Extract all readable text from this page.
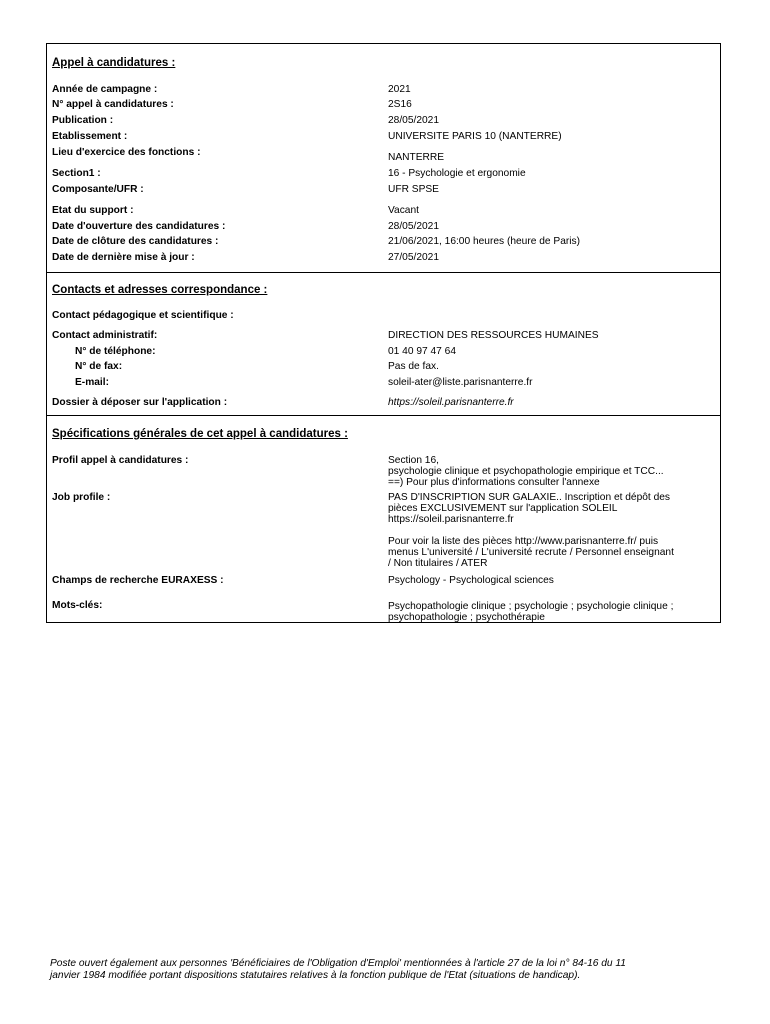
Appel à candidatures :
Année de campagne :	2021
N° appel à candidatures :	2S16
Publication :	28/05/2021
Etablissement :	UNIVERSITE PARIS 10 (NANTERRE)
Lieu d'exercice des fonctions :	NANTERRE
Section1 :	16 - Psychologie et ergonomie
Composante/UFR :	UFR SPSE
Etat du support :	Vacant
Date d'ouverture des candidatures :	28/05/2021
Date de clôture des candidatures :	21/06/2021, 16:00 heures (heure de Paris)
Date de dernière mise à jour :	27/05/2021
Contacts et adresses correspondance :
Contact pédagogique et scientifique :
Contact administratif:	DIRECTION DES RESSOURCES HUMAINES
N° de téléphone:	01 40 97 47 64
N° de fax:	Pas de fax.
E-mail:	soleil-ater@liste.parisnanterre.fr
Dossier à déposer sur l'application :	https://soleil.parisnanterre.fr
Spécifications générales de cet appel à candidatures :
Profil appel à candidatures :	Section 16,
psychologie clinique et psychopathologie empirique et TCC...
==) Pour plus d'informations consulter l'annexe
Job profile :	PAS D'INSCRIPTION SUR GALAXIE.. Inscription et dépôt des
pièces EXCLUSIVEMENT sur l'application SOLEIL
https://soleil.parisnanterre.fr
Pour voir la liste des pièces http://www.parisnanterre.fr/ puis
menus L'université / L'université recrute / Personnel enseignant
/ Non titulaires / ATER
Champs de recherche EURAXESS :	Psychology - Psychological sciences
Mots-clés:	Psychopathologie clinique ; psychologie ; psychologie clinique ;
psychopathologie ; psychothérapie
Poste ouvert également aux personnes 'Bénéficiaires de l'Obligation d'Emploi' mentionnées à l'article 27 de la loi n° 84-16 du 11
janvier 1984 modifiée portant dispositions statutaires relatives à la fonction publique de l'Etat (situations de handicap).
